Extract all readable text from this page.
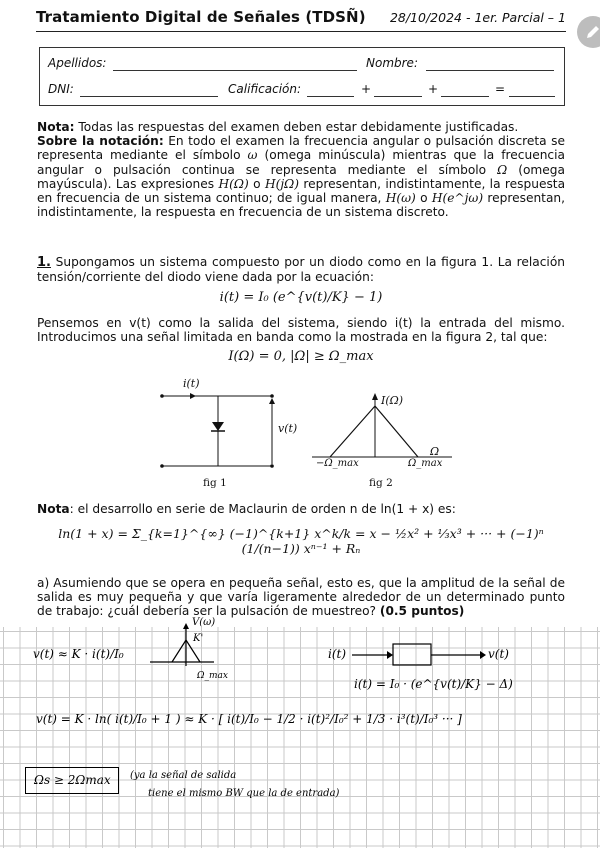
Tratamiento Digital de Señales (TDSÑ) 28/10/2024 - 1er. Parcial – 1
Apellidos:	Nombre:
DNI:	Calificación:	+	+	=

Nota: Todas las respuestas del examen deben estar debidamente justificadas.

Sobre la notación: En todo el examen la frecuencia angular o pulsación discreta se representa mediante el símbolo ω (omega minúscula) mientras que la frecuencia angular o pulsación continua se representa mediante el símbolo Ω (omega mayúscula). Las expresiones H(Ω) o H(jΩ) representan, indistintamente, la respuesta en frecuencia de un sistema continuo; de igual manera, H(ω) o H(e^jω) representan, indistintamente, la respuesta en frecuencia de un sistema discreto.

1. Supongamos un sistema compuesto por un diodo como en la figura 1. La relación tensión/corriente del diodo viene dada por la ecuación:
i(t) = I₀ (e^{v(t)/K} − 1)
Pensemos en v(t) como la salida del sistema, siendo i(t) la entrada del mismo. Introducimos una señal limitada en banda como la mostrada en la figura 2, tal que:
I(Ω) = 0, |Ω| ≥ Ω_max
i(t)
v(t)
fig 1
I(Ω)
Ω
−Ω_max	Ω_max
fig 2
Nota: el desarrollo en serie de Maclaurin de orden n de ln(1 + x) es:
ln(1 + x) = Σ_{k=1}^{∞} (−1)^{k+1} x^k/k = x − ½x² + ⅓x³ + ··· + (−1)ⁿ (1/(n−1)) xⁿ⁻¹ + Rₙ
a) Asumiendo que se opera en pequeña señal, esto es, que la amplitud de la señal de salida es muy pequeña y que varía ligeramente alrededor de un determinado punto de trabajo: ¿cuál debería ser la pulsación de muestreo? (0.5 puntos)
v(t) ≈ K · i(t)/I₀
V(ω)
K'
Ω_max
i(t)	v(t)
i(t) = I₀ · (e^{v(t)/K} − Δ)
v(t) = K · ln( i(t)/I₀ + 1 ) ≈ K · [ i(t)/I₀ − 1/2 · i(t)²/I₀² + 1/3 · i³(t)/I₀³ ··· ]
Ωs ≥ 2Ωmax (ya la señal de salida
tiene el mismo BW que la de entrada)
